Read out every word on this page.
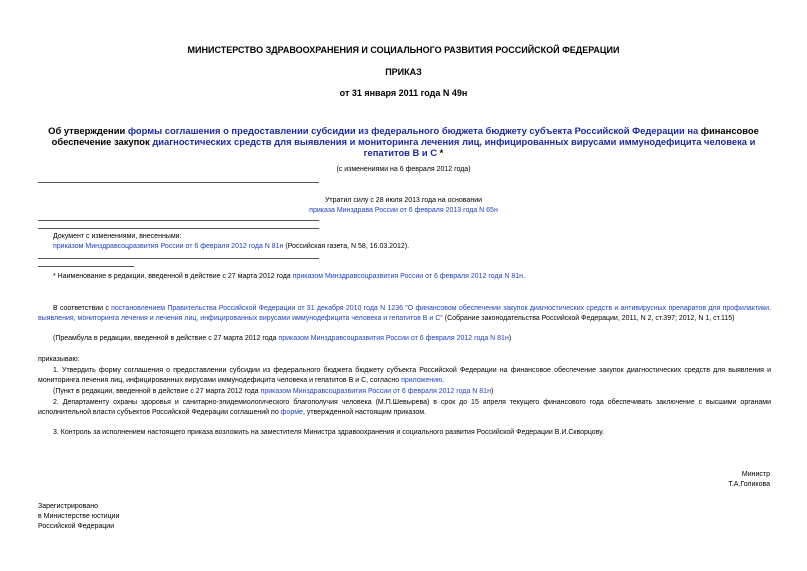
МИНИСТЕРСТВО ЗДРАВООХРАНЕНИЯ И СОЦИАЛЬНОГО РАЗВИТИЯ РОССИЙСКОЙ ФЕДЕРАЦИИ
ПРИКАЗ
от 31 января 2011 года N 49н
Об утверждении формы соглашения о предоставлении субсидии из федерального бюджета бюджету субъекта Российской Федерации на финансовое обеспечение закупок диагностических средств для выявления и мониторинга лечения лиц, инфицированных вирусами иммунодефицита человека и гепатитов В и С *
(с изменениями на 6 февраля 2012 года)
Утратил силу с 28 июля 2013 года на основании
приказа Минздрава России от 6 февраля 2013 года N 65н
Документ с изменениями, внесенными:
приказом Минздравсоцразвития России от 6 февраля 2012 года N 81н (Российская газета, N 58, 16.03.2012).
* Наименование в редакции, введенной в действие с 27 марта 2012 года приказом Минздравсоцразвития России от 6 февраля 2012 года N 81н.
В соответствии с постановлением Правительства Российской Федерации от 31 декабря 2010 года N 1236 "О финансовом обеспечении закупок диагностических средств и антивирусных препаратов для профилактики, выявления, мониторинга лечения и лечения лиц, инфицированных вирусами иммунодефицита человека и гепатитов В и С" (Собрание законодательства Российской Федерации, 2011, N 2, ст.397; 2012, N 1, ст.115)
(Преамбула в редакции, введенной в действие с 27 марта 2012 года приказом Минздравсоцразвития России от 6 февраля 2012 года N 81н)
приказываю:
1. Утвердить форму соглашения о предоставлении субсидии из федерального бюджета бюджету субъекта Российской Федерации на финансовое обеспечение закупок диагностических средств для выявления и мониторинга лечения лиц, инфицированных вирусами иммунодефицита человека и гепатитов В и С, согласно приложению.
(Пункт в редакции, введенной в действие с 27 марта 2012 года приказом Минздравсоцразвития России от 6 февраля 2012 года N 81н)
2. Департаменту охраны здоровья и санитарно-эпидемиологического благополучия человека (М.П.Шевырева) в срок до 15 апреля текущего финансового года обеспечивать заключение с высшими органами исполнительной власти субъектов Российской Федерации соглашений по форме, утвержденной настоящим приказом.
3. Контроль за исполнением настоящего приказа возложить на заместителя Министра здравоохранения и социального развития Российской Федерации В.И.Скворцову.
Министр
Т.А.Голикова
Зарегистрировано
в Министерстве юстиции
Российской Федерации
